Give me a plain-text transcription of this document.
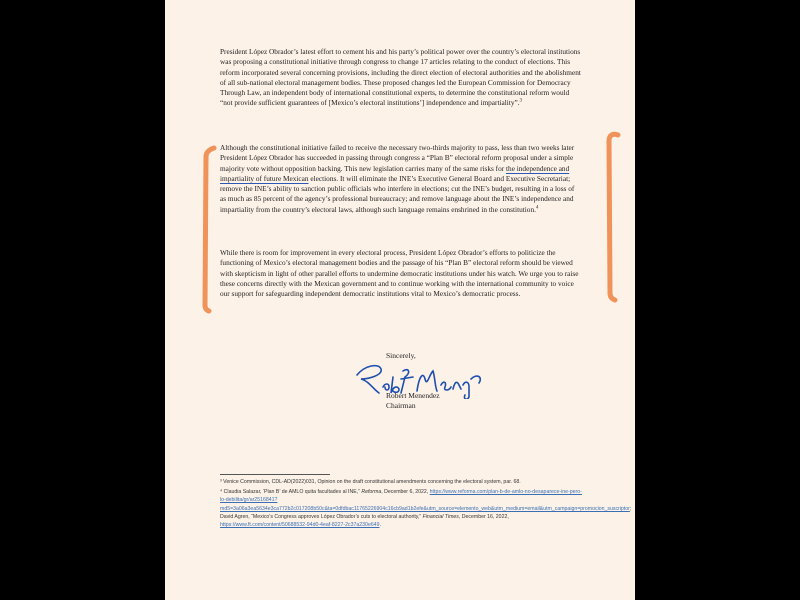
President López Obrador’s latest effort to cement his and his party’s political power over the country’s electoral institutions was proposing a constitutional initiative through congress to change 17 articles relating to the conduct of elections. This reform incorporated several concerning provisions, including the direct election of electoral authorities and the abolishment of all sub-national electoral management bodies. These proposed changes led the European Commission for Democracy Through Law, an independent body of international constitutional experts, to determine the constitutional reform would “not provide sufficient guarantees of [Mexico’s electoral institutions’] independence and impartiality”.$^3$

Although the constitutional initiative failed to receive the necessary two-thirds majority to pass, less than two weeks later President López Obrador has succeeded in passing through congress a “Plan B” electoral reform proposal under a simple majority vote without opposition backing. This new legislation carries many of the same risks for the independence and impartiality of future Mexican elections. It will eliminate the INE’s Executive General Board and Executive Secretariat; remove the INE’s ability to sanction public officials who interfere in elections; cut the INE’s budget, resulting in a loss of as much as 85 percent of the agency’s professional bureaucracy; and remove language about the INE’s independence and impartiality from the country’s electoral laws, although such language remains enshrined in the constitution.$^4$

While there is room for improvement in every electoral process, President López Obrador’s efforts to politicize the functioning of Mexico’s electoral management bodies and the passage of his “Plan B” electoral reform should be viewed with skepticism in light of other parallel efforts to undermine democratic institutions under his watch. We urge you to raise these concerns directly with the Mexican government and to continue working with the international community to voice our support for safeguarding independent democratic institutions vital to Mexico’s democratic process.

Sincerely,
Robert Menendez
Chairman

³ Venice Commission, CDL-AD(2022)031, Opinion on the draft constitutional amendments concerning the electoral system, par. 68.

⁴ Claudia Salazar, ‘Plan B’ de AMLO quita facultades al INE,” Reforma, December 6, 2022, https://www.reforma.com/plan-b-de-amlo-no-desaparece-ine-pero-lo-debilita/gr/ar2516841?md5=3a06a3ea5634e3ca772b2c017208b50c&ta=0dfdbac11765226904c16cb9ad1b2efe&utm_source=elemento_web&utm_medium=email&utm_campaign=promocion_suscriptor; David Agren, “Mexico’s Congress approves López Obrador’s cuts to electoral authority,” Financial Times, December 16, 2022, https://www.ft.com/content/50688532-94d0-4eaf-8227-2c37a230e649.
